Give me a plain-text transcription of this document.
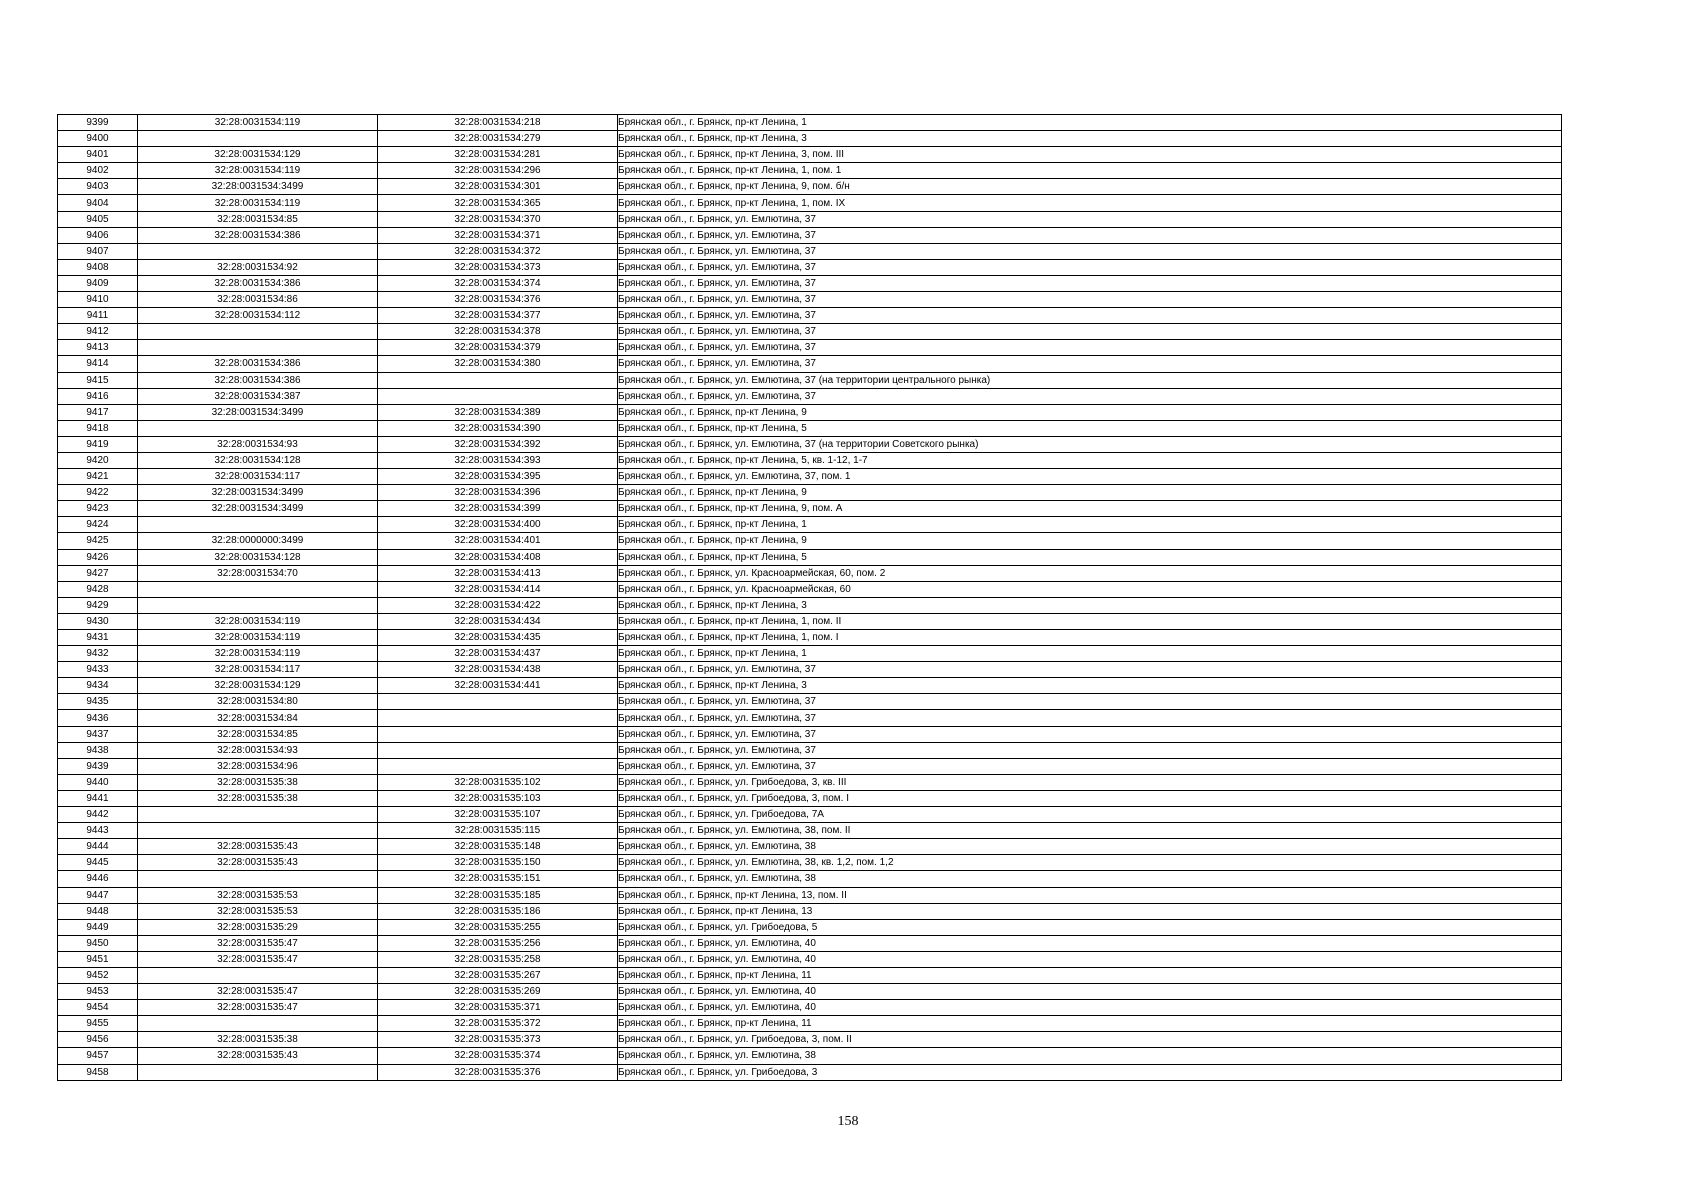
9399	32:28:0031534:119	32:28:0031534:218	Брянская обл., г. Брянск, пр-кт Ленина, 1
9400		32:28:0031534:279	Брянская обл., г. Брянск, пр-кт Ленина, 3
9401	32:28:0031534:129	32:28:0031534:281	Брянская обл., г. Брянск, пр-кт Ленина, 3, пом. III
9402	32:28:0031534:119	32:28:0031534:296	Брянская обл., г. Брянск, пр-кт Ленина, 1, пом. 1
9403	32:28:0031534:3499	32:28:0031534:301	Брянская обл., г. Брянск, пр-кт Ленина, 9, пом. б/н
9404	32:28:0031534:119	32:28:0031534:365	Брянская обл., г. Брянск, пр-кт Ленина, 1, пом. IX
9405	32:28:0031534:85	32:28:0031534:370	Брянская обл., г. Брянск, ул. Емлютина, 37
9406	32:28:0031534:386	32:28:0031534:371	Брянская обл., г. Брянск, ул. Емлютина, 37
9407		32:28:0031534:372	Брянская обл., г. Брянск, ул. Емлютина, 37
9408	32:28:0031534:92	32:28:0031534:373	Брянская обл., г. Брянск, ул. Емлютина, 37
9409	32:28:0031534:386	32:28:0031534:374	Брянская обл., г. Брянск, ул. Емлютина, 37
9410	32:28:0031534:86	32:28:0031534:376	Брянская обл., г. Брянск, ул. Емлютина, 37
9411	32:28:0031534:112	32:28:0031534:377	Брянская обл., г. Брянск, ул. Емлютина, 37
9412		32:28:0031534:378	Брянская обл., г. Брянск, ул. Емлютина, 37
9413		32:28:0031534:379	Брянская обл., г. Брянск, ул. Емлютина, 37
9414	32:28:0031534:386	32:28:0031534:380	Брянская обл., г. Брянск, ул. Емлютина, 37
9415	32:28:0031534:386		Брянская обл., г. Брянск, ул. Емлютина, 37 (на территории центрального рынка)
9416	32:28:0031534:387		Брянская обл., г. Брянск, ул. Емлютина, 37
9417	32:28:0031534:3499	32:28:0031534:389	Брянская обл., г. Брянск, пр-кт Ленина, 9
9418		32:28:0031534:390	Брянская обл., г. Брянск, пр-кт Ленина, 5
9419	32:28:0031534:93	32:28:0031534:392	Брянская обл., г. Брянск, ул. Емлютина, 37 (на территории Советского рынка)
9420	32:28:0031534:128	32:28:0031534:393	Брянская обл., г. Брянск, пр-кт Ленина, 5, кв. 1-12, 1-7
9421	32:28:0031534:117	32:28:0031534:395	Брянская обл., г. Брянск, ул. Емлютина, 37, пом. 1
9422	32:28:0031534:3499	32:28:0031534:396	Брянская обл., г. Брянск, пр-кт Ленина, 9
9423	32:28:0031534:3499	32:28:0031534:399	Брянская обл., г. Брянск, пр-кт Ленина, 9, пом. А
9424		32:28:0031534:400	Брянская обл., г. Брянск, пр-кт Ленина, 1
9425	32:28:0000000:3499	32:28:0031534:401	Брянская обл., г. Брянск, пр-кт Ленина, 9
9426	32:28:0031534:128	32:28:0031534:408	Брянская обл., г. Брянск, пр-кт Ленина, 5
9427	32:28:0031534:70	32:28:0031534:413	Брянская обл., г. Брянск, ул. Красноармейская, 60, пом. 2
9428		32:28:0031534:414	Брянская обл., г. Брянск, ул. Красноармейская, 60
9429		32:28:0031534:422	Брянская обл., г. Брянск, пр-кт Ленина, 3
9430	32:28:0031534:119	32:28:0031534:434	Брянская обл., г. Брянск, пр-кт Ленина, 1, пом. II
9431	32:28:0031534:119	32:28:0031534:435	Брянская обл., г. Брянск, пр-кт Ленина, 1, пом. I
9432	32:28:0031534:119	32:28:0031534:437	Брянская обл., г. Брянск, пр-кт Ленина, 1
9433	32:28:0031534:117	32:28:0031534:438	Брянская обл., г. Брянск, ул. Емлютина, 37
9434	32:28:0031534:129	32:28:0031534:441	Брянская обл., г. Брянск, пр-кт Ленина, 3
9435	32:28:0031534:80		Брянская обл., г. Брянск, ул. Емлютина, 37
9436	32:28:0031534:84		Брянская обл., г. Брянск, ул. Емлютина, 37
9437	32:28:0031534:85		Брянская обл., г. Брянск, ул. Емлютина, 37
9438	32:28:0031534:93		Брянская обл., г. Брянск, ул. Емлютина, 37
9439	32:28:0031534:96		Брянская обл., г. Брянск, ул. Емлютина, 37
9440	32:28:0031535:38	32:28:0031535:102	Брянская обл., г. Брянск, ул. Грибоедова, 3, кв. III
9441	32:28:0031535:38	32:28:0031535:103	Брянская обл., г. Брянск, ул. Грибоедова, 3, пом. I
9442		32:28:0031535:107	Брянская обл., г. Брянск, ул. Грибоедова, 7А
9443		32:28:0031535:115	Брянская обл., г. Брянск, ул. Емлютина, 38, пом. II
9444	32:28:0031535:43	32:28:0031535:148	Брянская обл., г. Брянск, ул. Емлютина, 38
9445	32:28:0031535:43	32:28:0031535:150	Брянская обл., г. Брянск, ул. Емлютина, 38, кв. 1,2, пом. 1,2
9446		32:28:0031535:151	Брянская обл., г. Брянск, ул. Емлютина, 38
9447	32:28:0031535:53	32:28:0031535:185	Брянская обл., г. Брянск, пр-кт Ленина, 13, пом. II
9448	32:28:0031535:53	32:28:0031535:186	Брянская обл., г. Брянск, пр-кт Ленина, 13
9449	32:28:0031535:29	32:28:0031535:255	Брянская обл., г. Брянск, ул. Грибоедова, 5
9450	32:28:0031535:47	32:28:0031535:256	Брянская обл., г. Брянск, ул. Емлютина, 40
9451	32:28:0031535:47	32:28:0031535:258	Брянская обл., г. Брянск, ул. Емлютина, 40
9452		32:28:0031535:267	Брянская обл., г. Брянск, пр-кт Ленина, 11
9453	32:28:0031535:47	32:28:0031535:269	Брянская обл., г. Брянск, ул. Емлютина, 40
9454	32:28:0031535:47	32:28:0031535:371	Брянская обл., г. Брянск, ул. Емлютина, 40
9455		32:28:0031535:372	Брянская обл., г. Брянск, пр-кт Ленина, 11
9456	32:28:0031535:38	32:28:0031535:373	Брянская обл., г. Брянск, ул. Грибоедова, 3, пом. II
9457	32:28:0031535:43	32:28:0031535:374	Брянская обл., г. Брянск, ул. Емлютина, 38
9458		32:28:0031535:376	Брянская обл., г. Брянск, ул. Грибоедова, 3
158
